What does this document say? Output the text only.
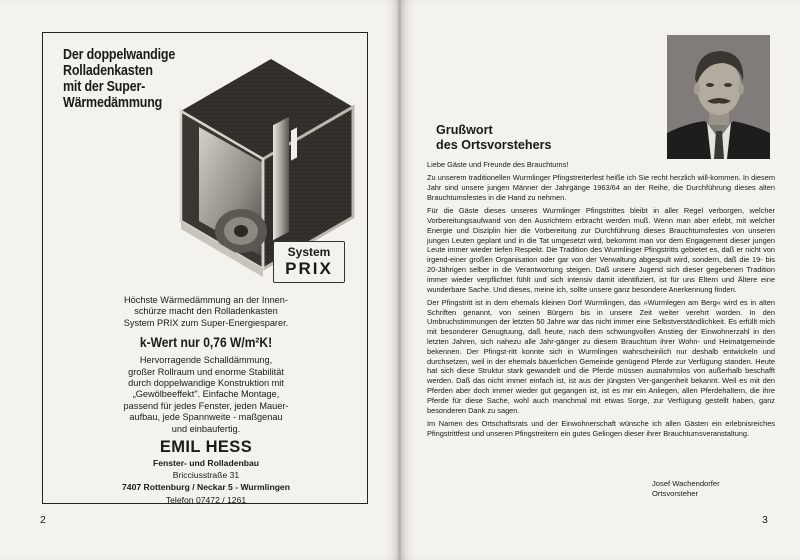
Der doppelwandige
Rolladenkasten
mit der Super-
Wärmedämmung
System
PRIX

Höchste Wärmedämmung an der Innen-
schürze macht den Rolladenkasten
System PRIX zum Super-Energiesparer.

k-Wert nur 0,76 W/m²K!

Hervorragende Schalldämmung,
großer Rollraum und enorme Stabilität
durch doppelwandige Konstruktion mit
„Gewölbeeffekt". Einfache Montage,
passend für jedes Fenster, jeden Mauer-
aufbau, jede Spannweite - maßgenau
und einbaufertig.

EMIL HESS
Fenster- und Rolladenbau
Bricciusstraße 31
7407 Rottenburg / Neckar 5 - Wurmlingen
Telefon 07472 / 1261
2
Grußwort
des Ortsvorstehers

Liebe Gäste und Freunde des Brauchtums!

Zu unserem traditionellen Wurmlinger Pfingstreiterfest heiße ich Sie recht herzlich will-kommen. In diesem Jahr sind unsere jungen Männer der Jahrgänge 1963/64 an der Reihe, die Durchführung dieses alten Brauchtumsfestes in die Hand zu nehmen.

Für die Gäste dieses unseres Wurmlinger Pfingstrittes bleibt in aller Regel verborgen, welcher Vorbereitungsaufwand von den Ausrichtern erbracht werden muß. Wenn man aber erlebt, mit welcher Energie und Disziplin hier die Vorbereitung zur Durchführung dieses Brauchtumsfestes von unseren jungen Leuten geplant und in die Tat umgesetzt wird, bekommt man vor dem Engagement dieser jungen Leute immer wieder tiefen Respekt. Die Tradition des Wurmlinger Pfingstritts gebietet es, daß er nicht von irgend-einer großen Organisation oder gar von der Verwaltung abgespult wird, sondern, daß die 19- bis 20-Jährigen selber in die Verantwortung steigen. Daß unsere Jugend sich dieser gegebenen Tradition immer wieder verpflichtet fühlt und sich intensiv damit identifiziert, ist für uns Eltern und Ältere eine wunderbare Sache. Und dieses, meine ich, sollte unsere ganz besondere Anerkennung finden.

Der Pfingstritt ist in dem ehemals kleinen Dorf Wurmlingen, das »Wurmlegen am Berg« wird es in alten Schriften genannt, von seinen Bürgern bis in unsere Zeit weiter verehrt worden. In den Umbruchstimmungen der letzten 50 Jahre war das nicht immer eine Selbstverständlichkeit. Es erfüllt mich mit besonderer Genugtuung, daß heute, nach dem schwungvollen Anstieg der Einwohnerzahl in den letzten Jahren, sich nahezu alle Jahr-gänger zu diesem Brauchtum ihrer Wohn- und Heimatgemeinde bekennen. Der Pfingst-ritt konnte sich in Wurmlingen wahrscheinlich nur deshalb entwickeln und durchsetzen, weil in der ehemals bäuerlichen Gemeinde genügend Pferde zur Verfügung standen. Heute hat sich diese Struktur stark gewandelt und die Pferde müssen ausnahmslos von außerhalb beschafft werden. Daß das nicht immer einfach ist, ist aus der jüngsten Ver-gangenheit bekannt. Weil es mit den Pferden aber doch immer wieder gut gegangen ist, ist es mir ein Anliegen, allen Pferdehaltern, die ihre Pferde für diese Sache, wohl auch manchmal mit etwas Sorge, zur Verfügung gestellt haben, ganz besonderen Dank zu sagen.

Im Namen des Ortschaftsrats und der Einwohnerschaft wünsche ich allen Gästen ein erlebnisreiches Pfingstrittfest und unseren Pfingstreitern ein gutes Gelingen dieser ihrer Brauchtumsveranstaltung.

Josef Wachendorfer
Ortsvorsteher
3
